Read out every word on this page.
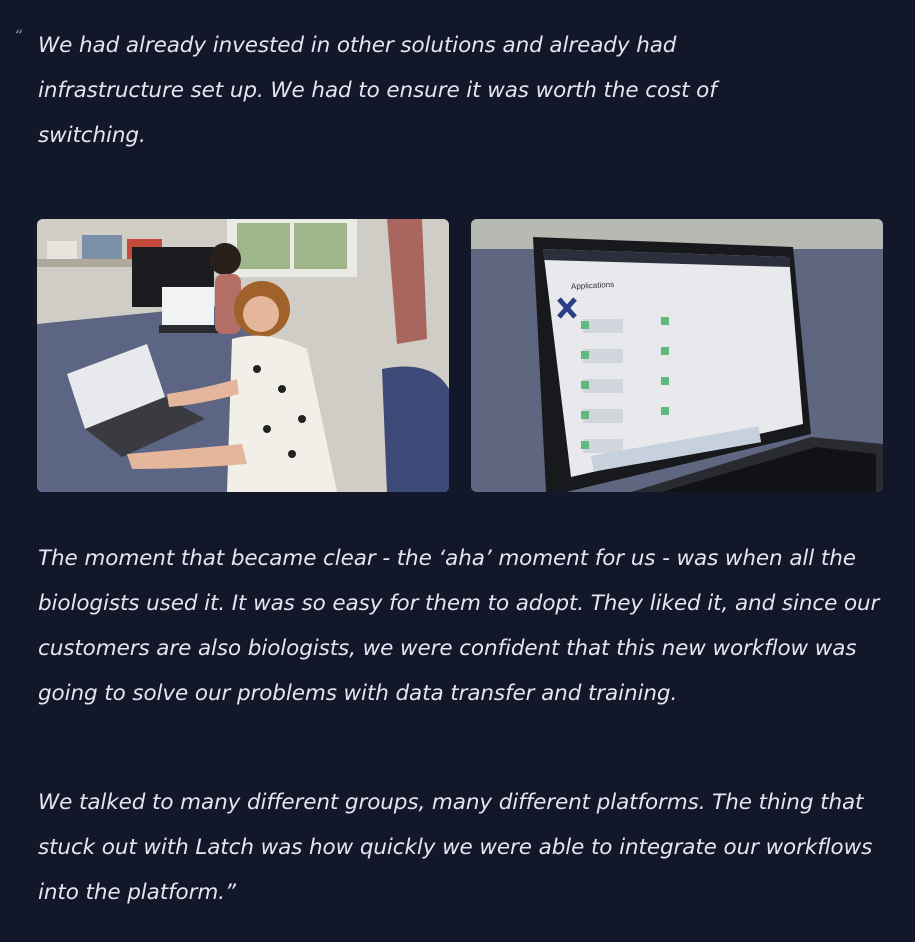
“ We had already invested in other solutions and already had infrastructure set up. We had to ensure it was worth the cost of switching.

Applications

The moment that became clear - the ‘aha’ moment for us - was when all the biologists used it. It was so easy for them to adopt. They liked it, and since our customers are also biologists, we were confident that this new workflow was going to solve our problems with data transfer and training.

We talked to many different groups, many different platforms. The thing that stuck out with Latch was how quickly we were able to integrate our workflows into the platform.”
